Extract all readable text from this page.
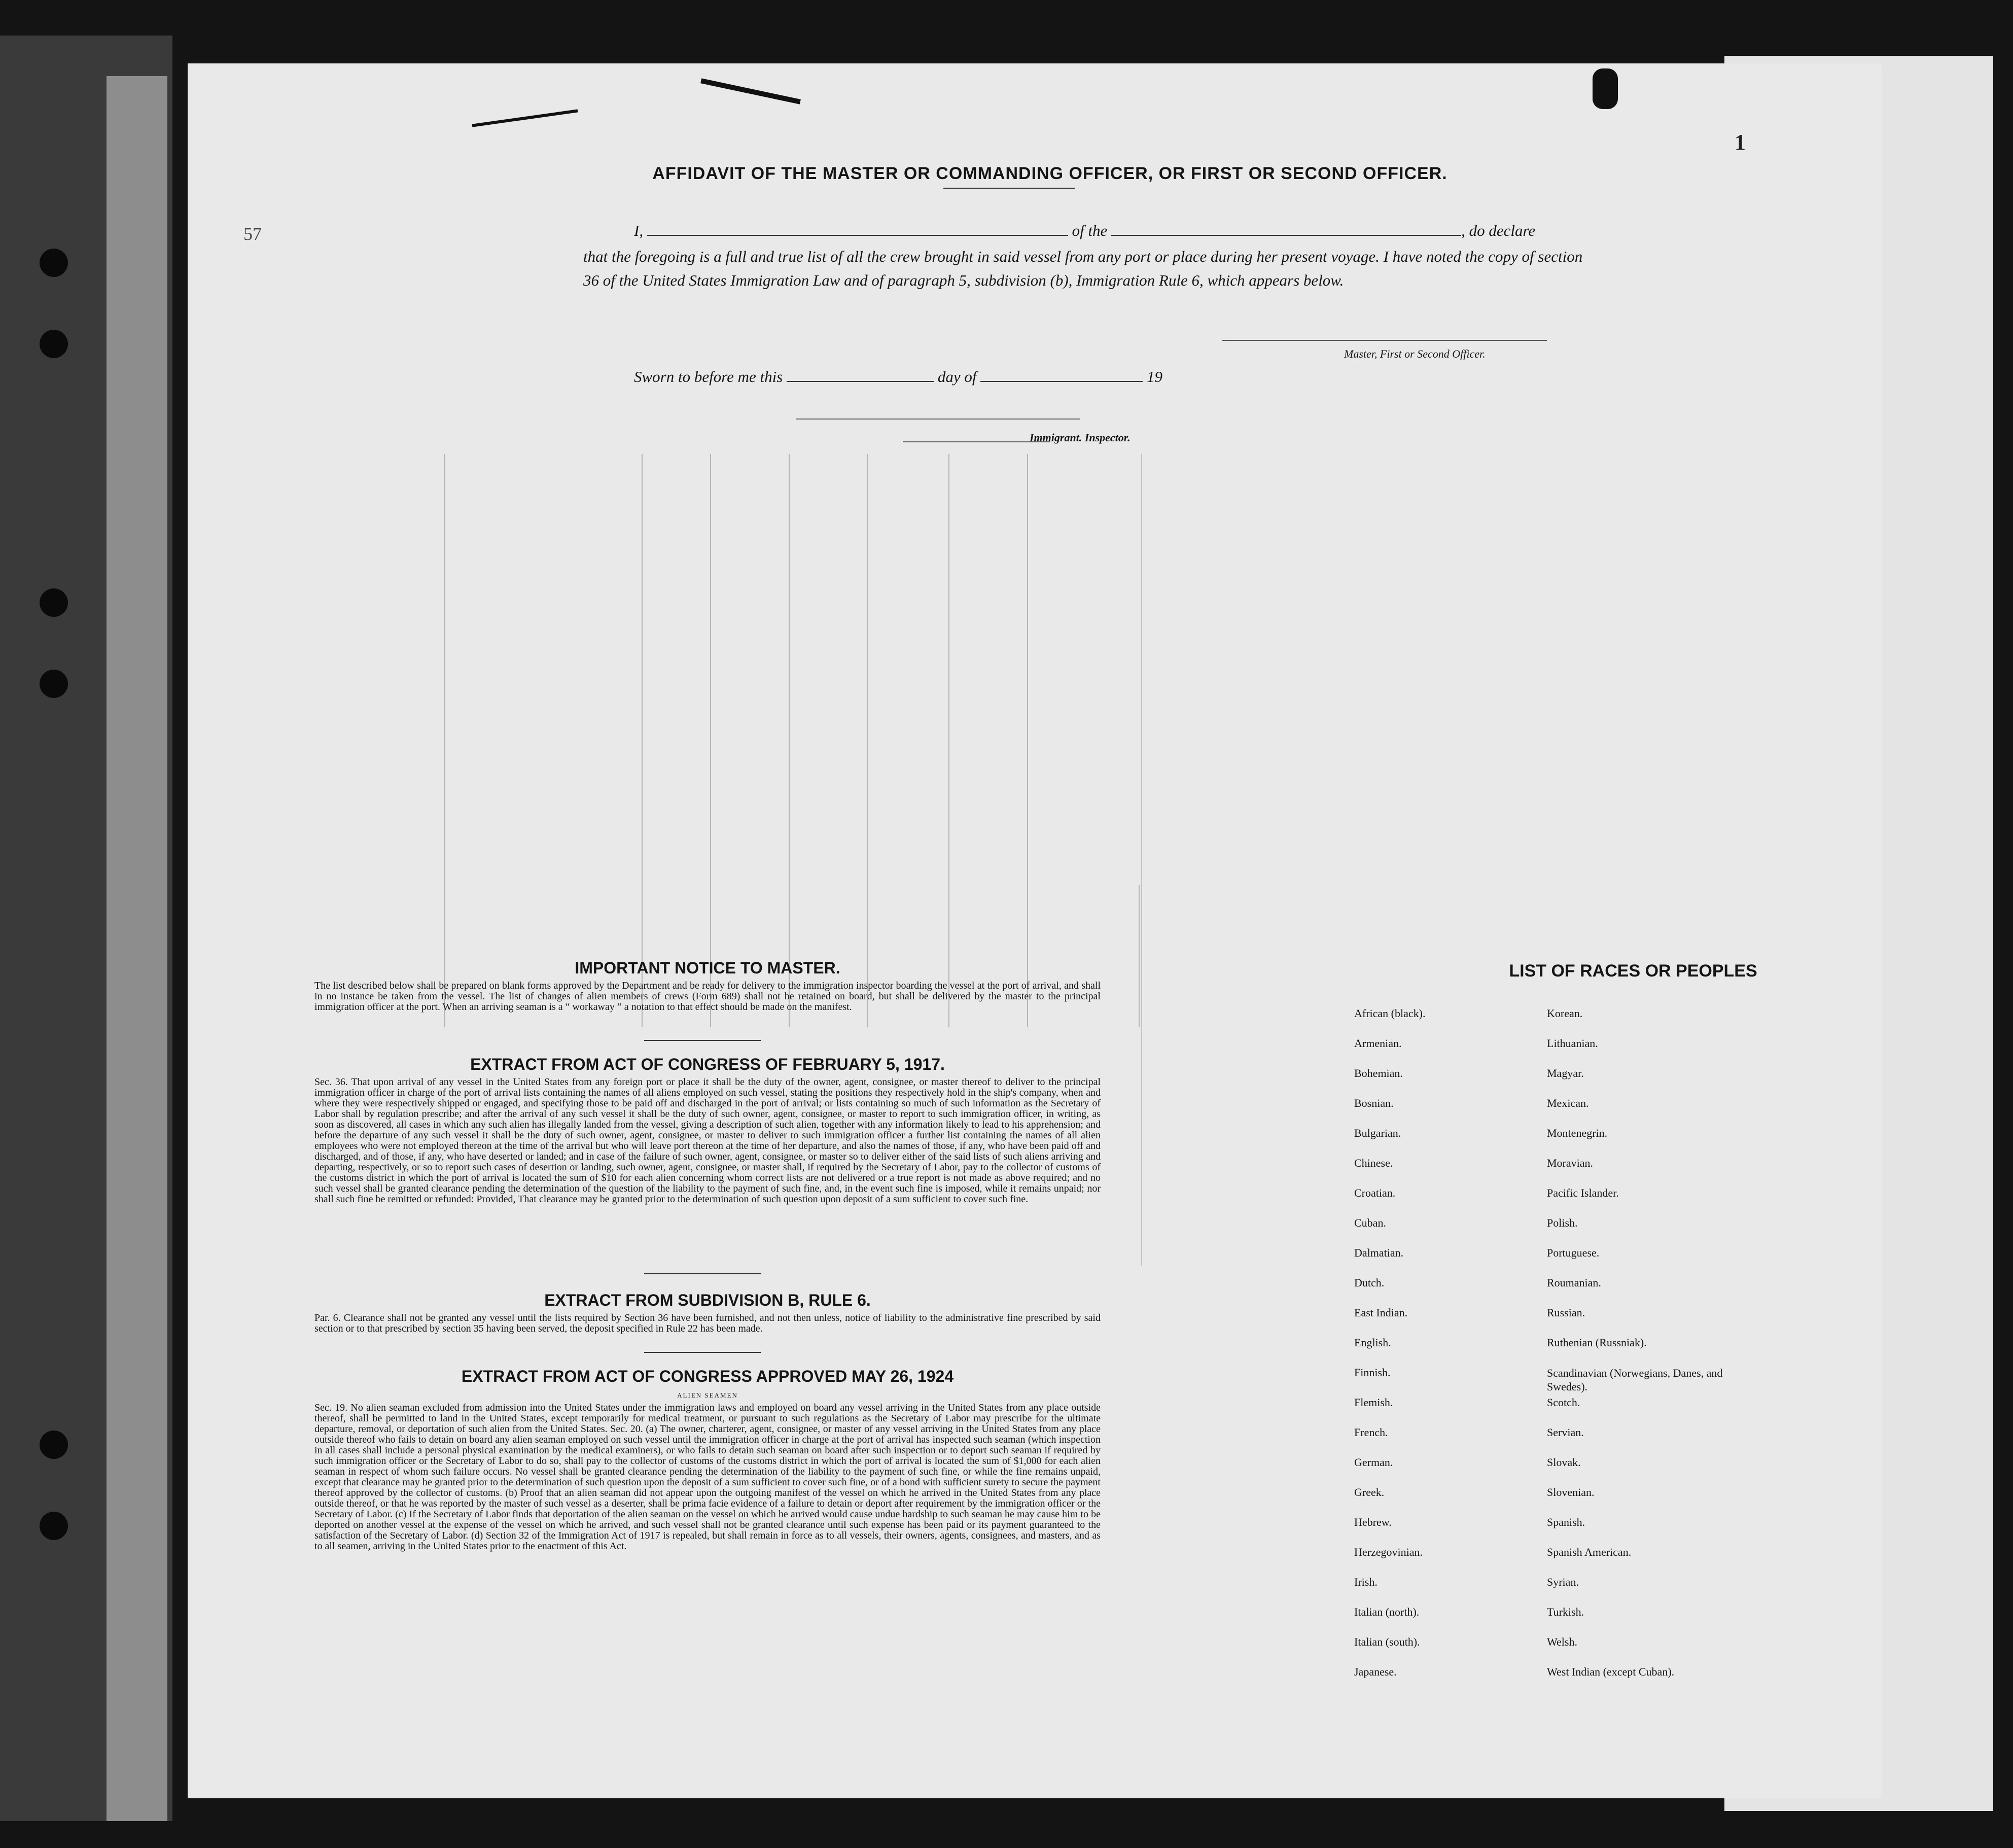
1
AFFIDAVIT OF THE MASTER OR COMMANDING OFFICER, OR FIRST OR SECOND OFFICER.
I,	of the	, do declare
that the foregoing is a full and true list of all the crew brought in said vessel from any port or place during her present voyage. I have noted the copy of section 36 of the United States Immigration Law and of paragraph 5, subdivision (b), Immigration Rule 6, which appears below.
Master, First or Second Officer.
Sworn to before me this	day of	19
Immigrant. Inspector.
57
IMPORTANT NOTICE TO MASTER.
The list described below shall be prepared on blank forms approved by the Department and be ready for delivery to the immigration inspector boarding the vessel at the port of arrival, and shall in no instance be taken from the vessel. The list of changes of alien members of crews (Form 689) shall not be retained on board, but shall be delivered by the master to the principal immigration officer at the port. When an arriving seaman is a “ workaway ” a notation to that effect should be made on the manifest.
EXTRACT FROM ACT OF CONGRESS OF FEBRUARY 5, 1917.
Sec. 36. That upon arrival of any vessel in the United States from any foreign port or place it shall be the duty of the owner, agent, consignee, or master thereof to deliver to the principal immigration officer in charge of the port of arrival lists containing the names of all aliens employed on such vessel, stating the positions they respectively hold in the ship's company, when and where they were respectively shipped or engaged, and specifying those to be paid off and discharged in the port of arrival; or lists containing so much of such information as the Secretary of Labor shall by regulation prescribe; and after the arrival of any such vessel it shall be the duty of such owner, agent, consignee, or master to report to such immigration officer, in writing, as soon as discovered, all cases in which any such alien has illegally landed from the vessel, giving a description of such alien, together with any information likely to lead to his apprehension; and before the departure of any such vessel it shall be the duty of such owner, agent, consignee, or master to deliver to such immigration officer a further list containing the names of all alien employees who were not employed thereon at the time of the arrival but who will leave port thereon at the time of her departure, and also the names of those, if any, who have been paid off and discharged, and of those, if any, who have deserted or landed; and in case of the failure of such owner, agent, consignee, or master so to deliver either of the said lists of such aliens arriving and departing, respectively, or so to report such cases of desertion or landing, such owner, agent, consignee, or master shall, if required by the Secretary of Labor, pay to the collector of customs of the customs district in which the port of arrival is located the sum of $10 for each alien concerning whom correct lists are not delivered or a true report is not made as above required; and no such vessel shall be granted clearance pending the determination of the question of the liability to the payment of such fine, and, in the event such fine is imposed, while it remains unpaid; nor shall such fine be remitted or refunded: Provided, That clearance may be granted prior to the determination of such question upon deposit of a sum sufficient to cover such fine.
EXTRACT FROM SUBDIVISION B, RULE 6.
Par. 6. Clearance shall not be granted any vessel until the lists required by Section 36 have been furnished, and not then unless, notice of liability to the administrative fine prescribed by said section or to that prescribed by section 35 having been served, the deposit specified in Rule 22 has been made.
EXTRACT FROM ACT OF CONGRESS APPROVED MAY 26, 1924
ALIEN SEAMEN
Sec. 19. No alien seaman excluded from admission into the United States under the immigration laws and employed on board any vessel arriving in the United States from any place outside thereof, shall be permitted to land in the United States, except temporarily for medical treatment, or pursuant to such regulations as the Secretary of Labor may prescribe for the ultimate departure, removal, or deportation of such alien from the United States. Sec. 20. (a) The owner, charterer, agent, consignee, or master of any vessel arriving in the United States from any place outside thereof who fails to detain on board any alien seaman employed on such vessel until the immigration officer in charge at the port of arrival has inspected such seaman (which inspection in all cases shall include a personal physical examination by the medical examiners), or who fails to detain such seaman on board after such inspection or to deport such seaman if required by such immigration officer or the Secretary of Labor to do so, shall pay to the collector of customs of the customs district in which the port of arrival is located the sum of $1,000 for each alien seaman in respect of whom such failure occurs. No vessel shall be granted clearance pending the determination of the liability to the payment of such fine, or while the fine remains unpaid, except that clearance may be granted prior to the determination of such question upon the deposit of a sum sufficient to cover such fine, or of a bond with sufficient surety to secure the payment thereof approved by the collector of customs. (b) Proof that an alien seaman did not appear upon the outgoing manifest of the vessel on which he arrived in the United States from any place outside thereof, or that he was reported by the master of such vessel as a deserter, shall be prima facie evidence of a failure to detain or deport after requirement by the immigration officer or the Secretary of Labor. (c) If the Secretary of Labor finds that deportation of the alien seaman on the vessel on which he arrived would cause undue hardship to such seaman he may cause him to be deported on another vessel at the expense of the vessel on which he arrived, and such vessel shall not be granted clearance until such expense has been paid or its payment guaranteed to the satisfaction of the Secretary of Labor. (d) Section 32 of the Immigration Act of 1917 is repealed, but shall remain in force as to all vessels, their owners, agents, consignees, and masters, and as to all seamen, arriving in the United States prior to the enactment of this Act.
LIST OF RACES OR PEOPLES
African (black).
Armenian.
Bohemian.
Bosnian.
Bulgarian.
Chinese.
Croatian.
Cuban.
Dalmatian.
Dutch.
East Indian.
English.
Finnish.
Flemish.
French.
German.
Greek.
Hebrew.
Herzegovinian.
Irish.
Italian (north).
Italian (south).
Japanese.
Korean.
Lithuanian.
Magyar.
Mexican.
Montenegrin.
Moravian.
Pacific Islander.
Polish.
Portuguese.
Roumanian.
Russian.
Ruthenian (Russniak).
Scandinavian (Norwegians, Danes, and Swedes).
Scotch.
Servian.
Slovak.
Slovenian.
Spanish.
Spanish American.
Syrian.
Turkish.
Welsh.
West Indian (except Cuban).
